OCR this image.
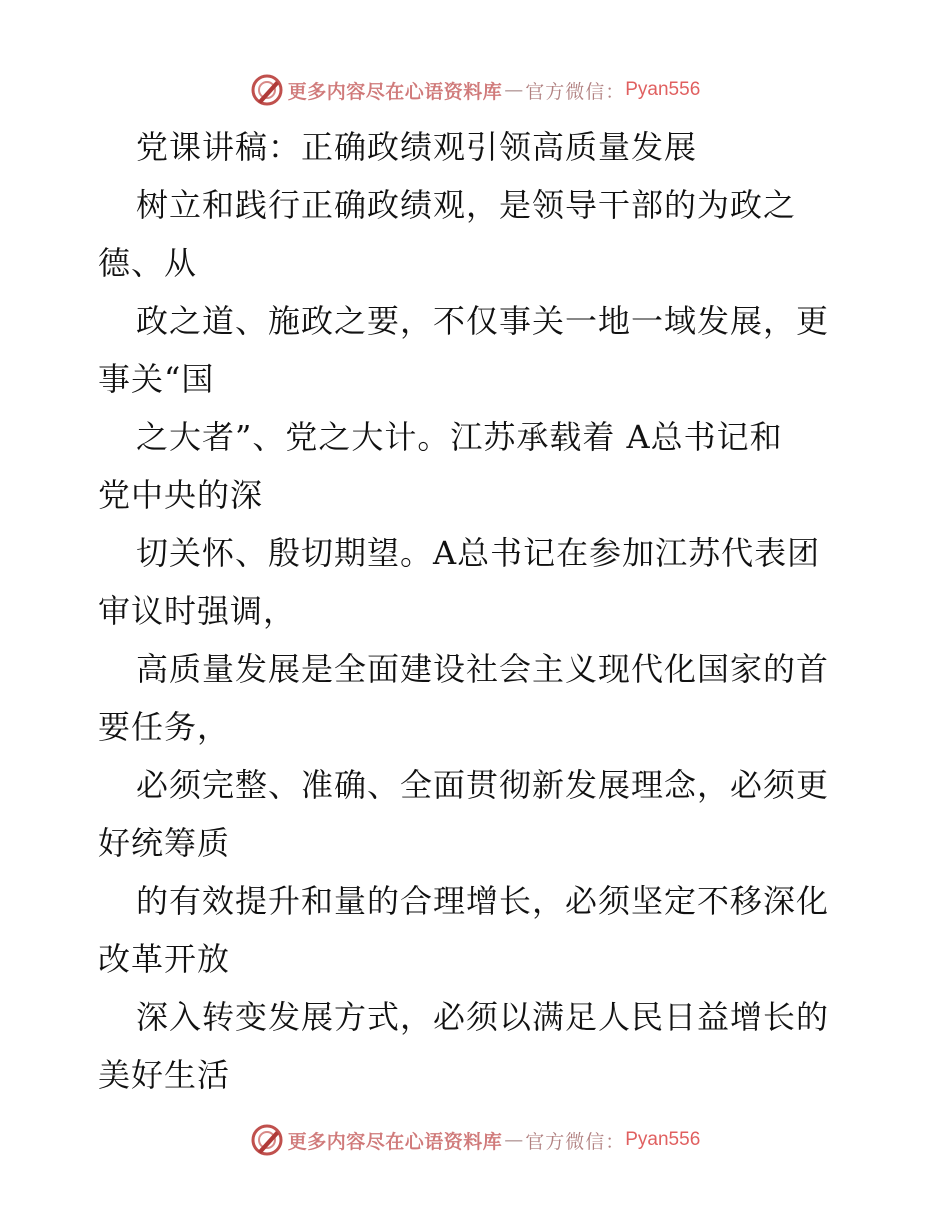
更多内容尽在心语资料库 — 官方微信： Pyan556
党课讲稿：正确政绩观引领高质量发展
树立和践行正确政绩观，是领导干部的为政之
德、从
政之道、施政之要，不仅事关一地一域发展，更
事关“国
之大者”、党之大计。江苏承载着 A总书记和
党中央的深
切关怀、殷切期望。A总书记在参加江苏代表团
审议时强调，
高质量发展是全面建设社会主义现代化国家的首
要任务，
必须完整、准确、全面贯彻新发展理念，必须更
好统筹质
的有效提升和量的合理增长，必须坚定不移深化
改革开放
深入转变发展方式，必须以满足人民日益增长的
美好生活
更多内容尽在心语资料库 — 官方微信： Pyan556
